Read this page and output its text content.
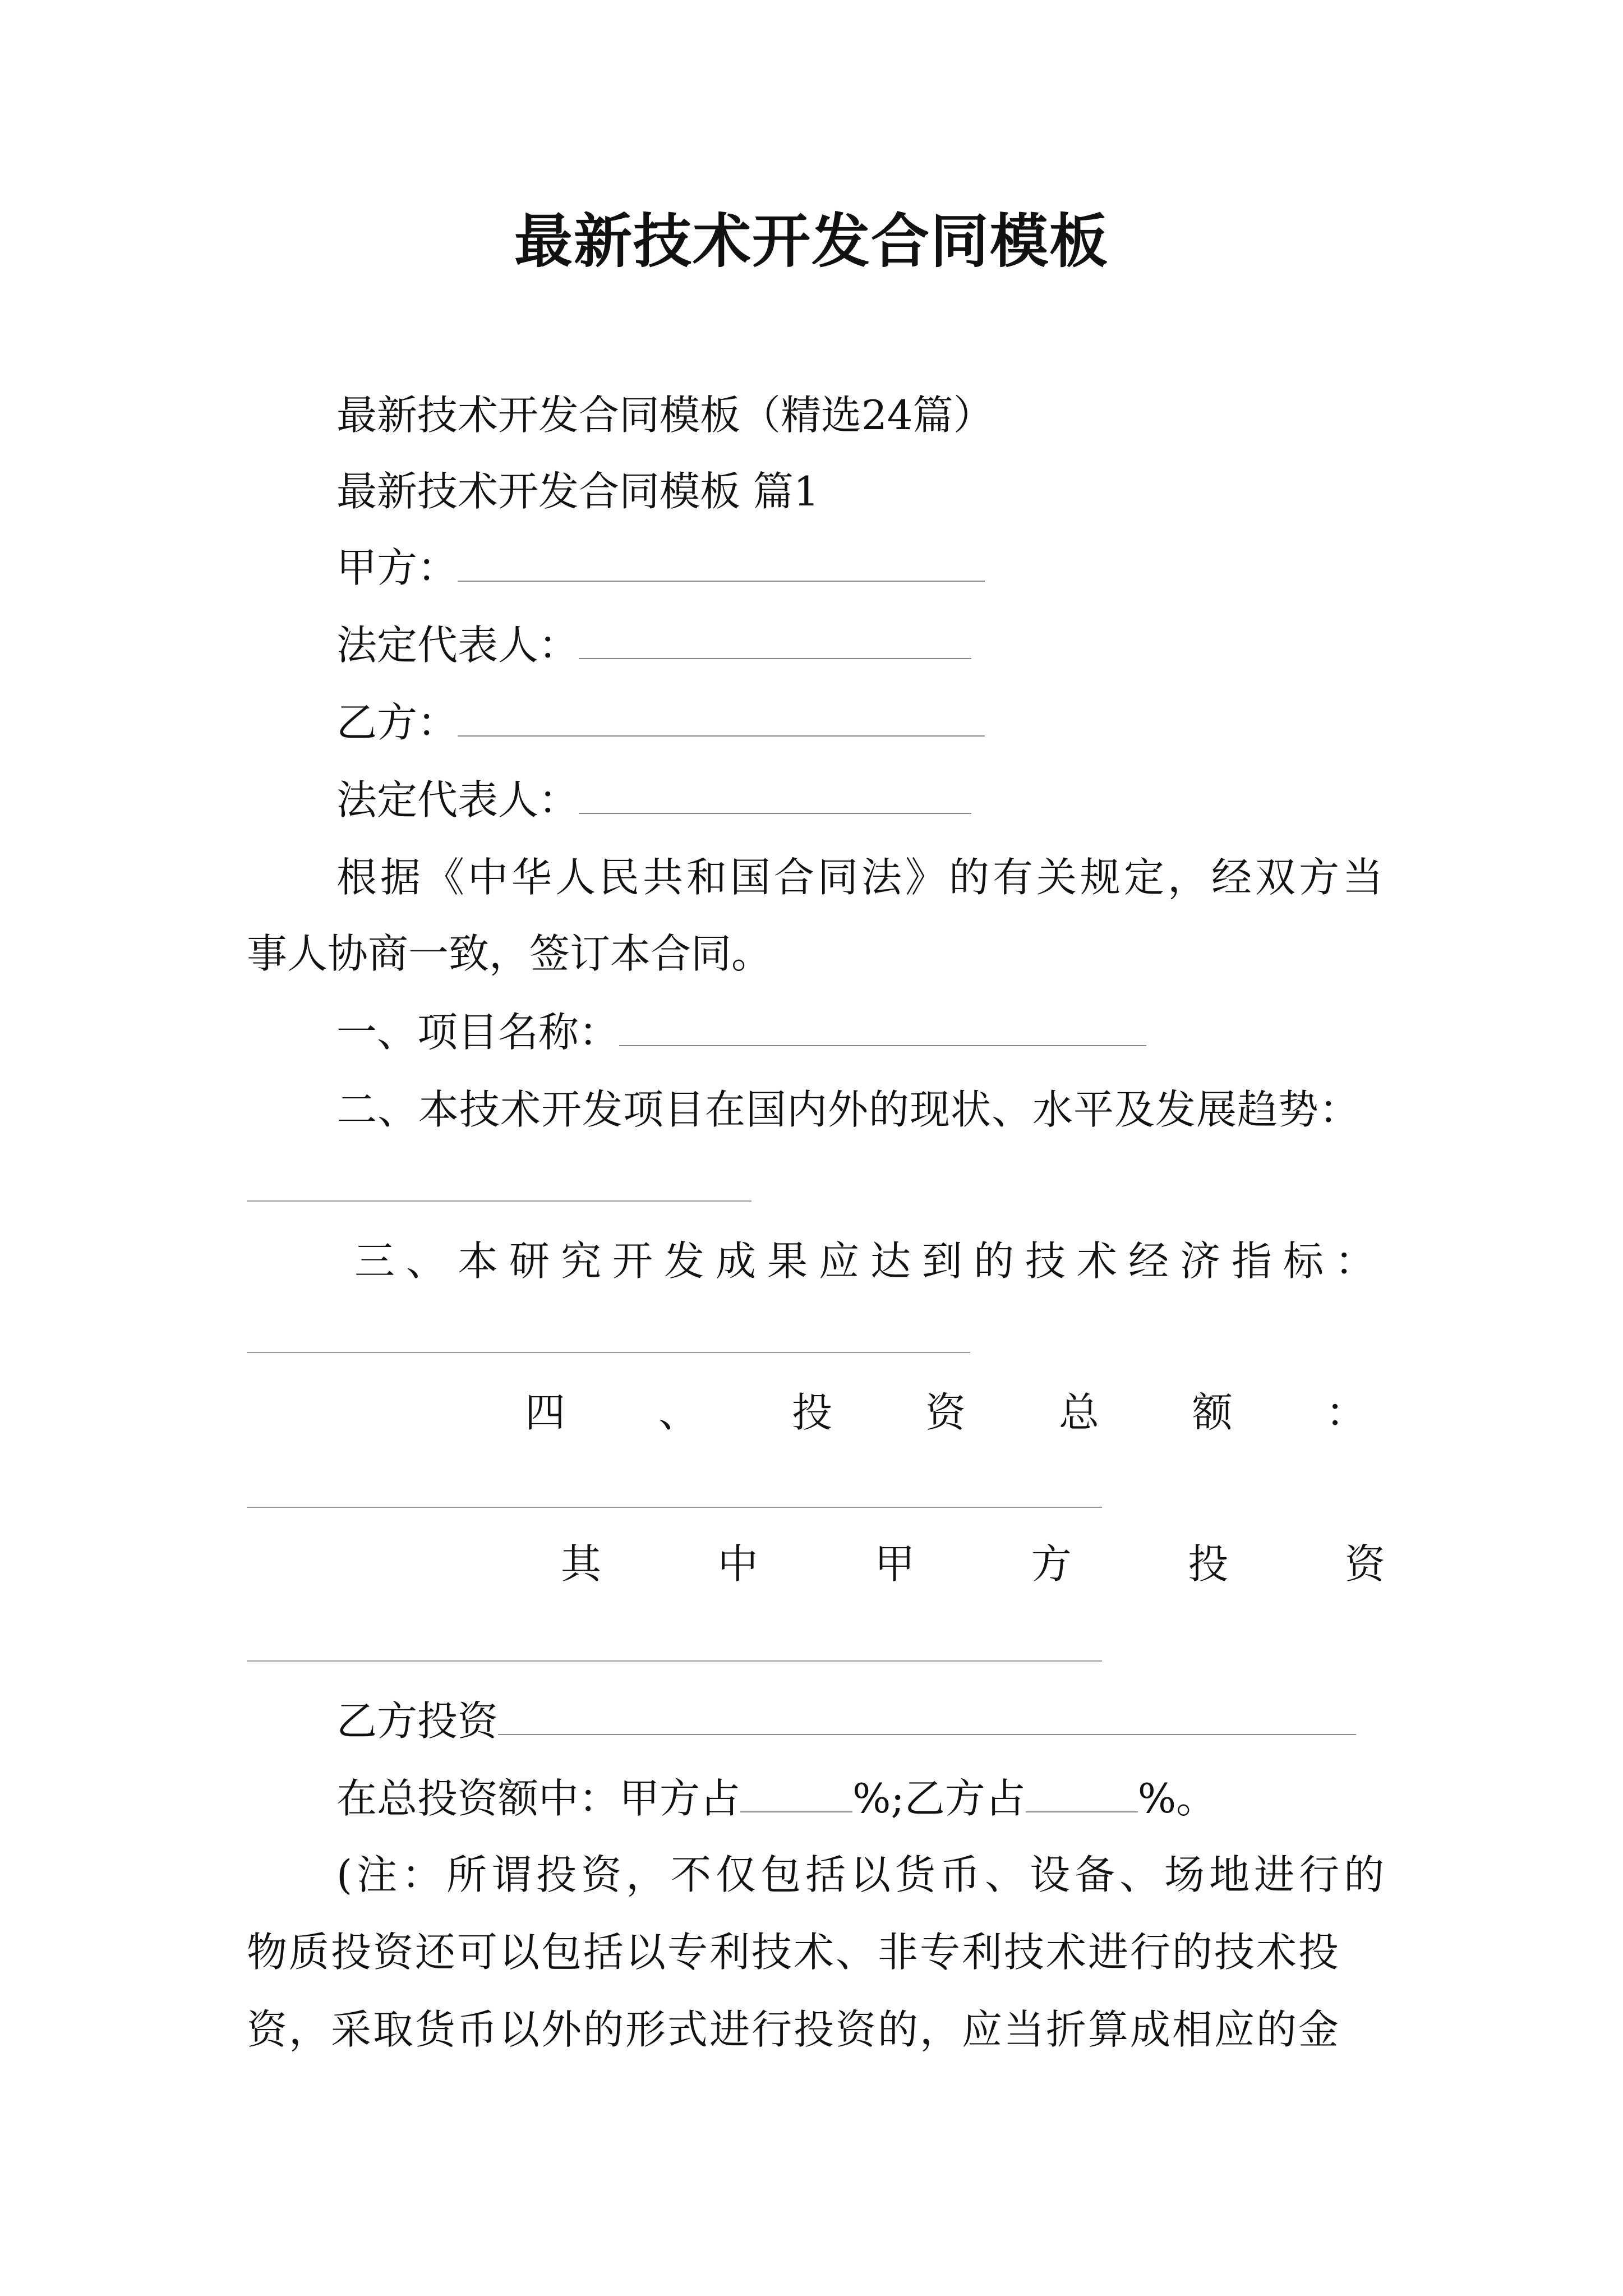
最新技术开发合同模板
最新技术开发合同模板（精选24篇）
最新技术开发合同模板 篇1
甲方：
法定代表人：
乙方：
法定代表人：
根据《中华人民共和国合同法》的有关规定，经双方当
事人协商一致，签订本合同。
一、项目名称：
二、本技术开发项目在国内外的现状、水平及发展趋势：
三、本研究开发成果应达到的技术经济指标：
四 、 投 资 总 额 ：
其	中	甲	方	投	资
乙方投资
在总投资额中：甲方占	%;乙方占	%。
(注：所谓投资，不仅包括以货币、设备、场地进行的
物质投资还可以包括以专利技术、非专利技术进行的技术投
资，采取货币以外的形式进行投资的，应当折算成相应的金
